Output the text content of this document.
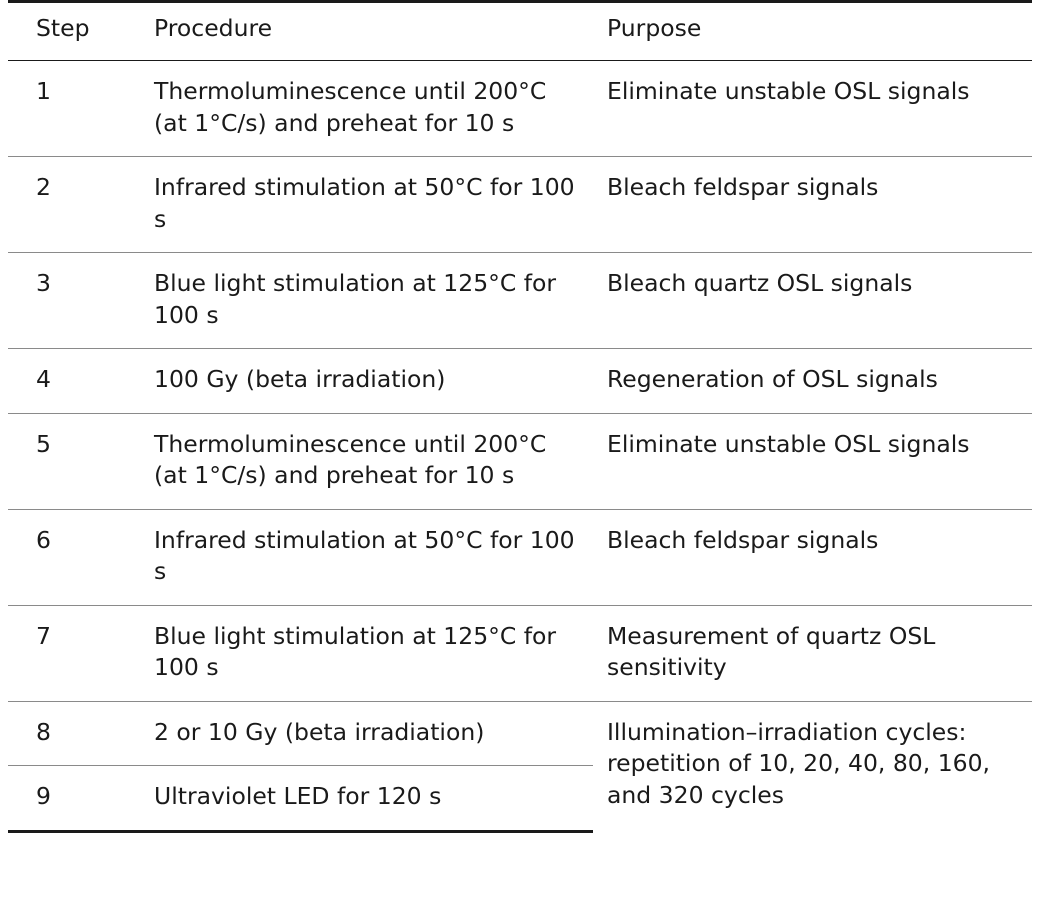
Step	Procedure	Purpose
1	Thermoluminescence until 200°C (at 1°C/s) and preheat for 10 s	Eliminate unstable OSL signals
2	Infrared stimulation at 50°C for 100 s	Bleach feldspar signals
3	Blue light stimulation at 125°C for 100 s	Bleach quartz OSL signals
4	100 Gy (beta irradiation)	Regeneration of OSL signals
5	Thermoluminescence until 200°C (at 1°C/s) and preheat for 10 s	Eliminate unstable OSL signals
6	Infrared stimulation at 50°C for 100 s	Bleach feldspar signals
7	Blue light stimulation at 125°C for 100 s	Measurement of quartz OSL sensitivity
8	2 or 10 Gy (beta irradiation)	Illumination–irradiation cycles: repetition of 10, 20, 40, 80, 160, and 320 cycles
9	Ultraviolet LED for 120 s	
